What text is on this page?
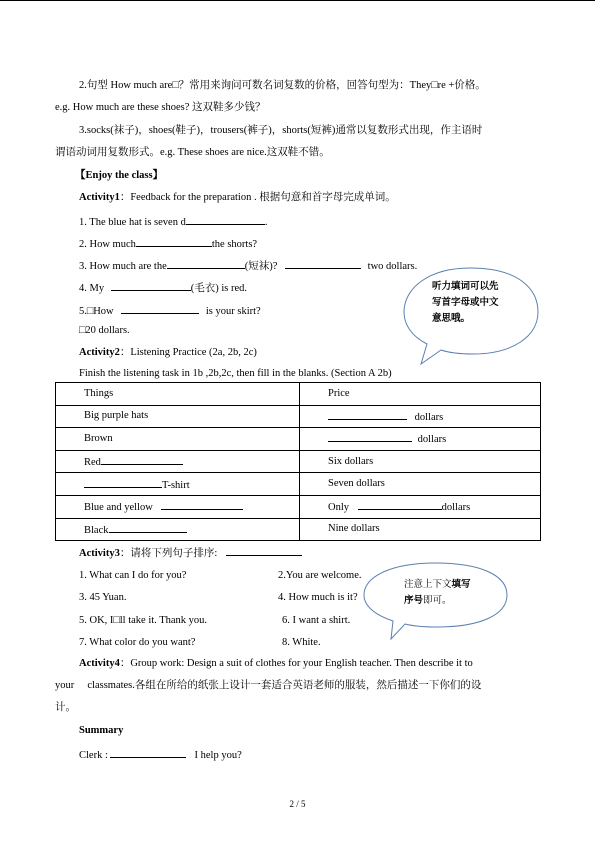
2.句型 How much are□？常用来询问可数名词复数的价格，回答句型为：They□re +价格。
e.g. How much are these shoes? 这双鞋多少钱？
3.socks(袜子)，shoes(鞋子)，trousers(裤子)，shorts(短裤)通常以复数形式出现，作主语时
谓语动词用复数形式。e.g. These shoes are nice.这双鞋不错。
【Enjoy the class】
Activity1：Feedback for the preparation . 根据句意和首字母完成单词。
1. The blue hat is seven d	.
2. How much	the shorts?
3. How much are the	(短袜)?	two dollars.
4. My	(毛衣) is red.
5.□How	is your skirt?
□20 dollars.
Activity2：Listening Practice (2a, 2b, 2c)
Finish the listening task in 1b ,2b,2c, then fill in the blanks. (Section A 2b)
Things	Price
Big purple hats	dollars
Brown	dollars
Red	Six dollars
T-shirt	Seven dollars
Blue and yellow	Only dollars
Black	Nine dollars
Activity3：请将下列句子排序:
1. What can I do for you?	2.You are welcome.
3. 45 Yuan.	4. How much is it?
5. OK, I□ll take it. Thank you.	6. I want a shirt.
7. What color do you want?	8. White.
Activity4：Group work: Design a suit of clothes for your English teacher. Then describe it to
your     classmates.各组在所给的纸张上设计一套适合英语老师的服装，然后描述一下你们的设
计。
Summary
Clerk :	I help you?
听力填词可以先
写首字母或中文
意思哦。
注意上下文填写
序号即可。
2 / 5
